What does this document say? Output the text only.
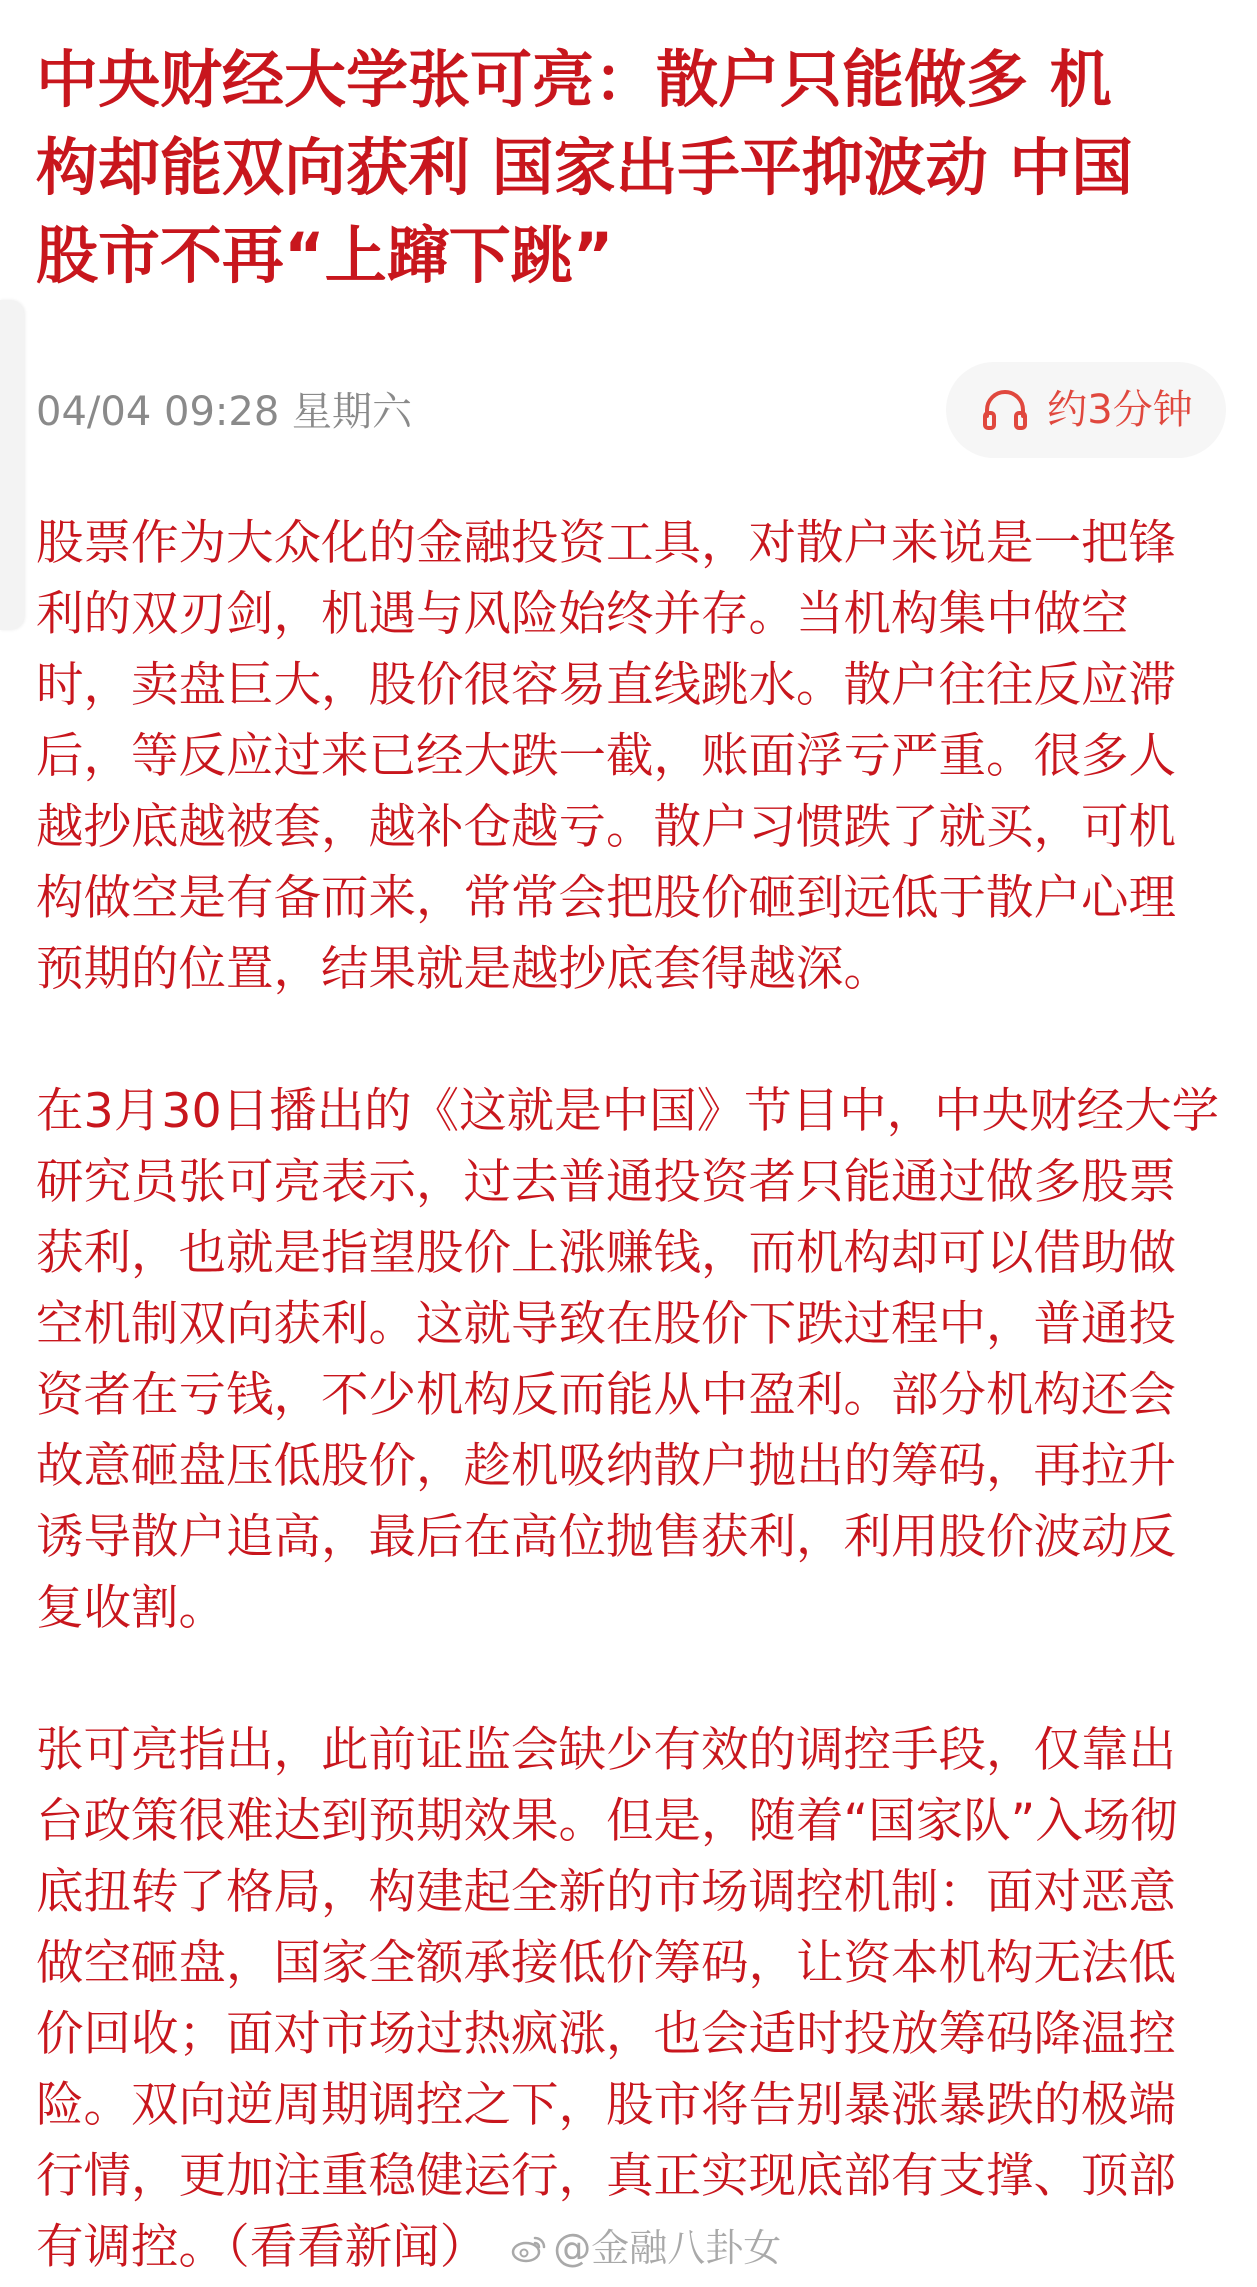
中央财经大学张可亮：散户只能做多 机
构却能双向获利 国家出手平抑波动 中国
股市不再“上蹿下跳”
04/04 09:28 星期六	约3分钟

股票作为大众化的金融投资工具，对散户来说是一把锋
利的双刃剑，机遇与风险始终并存。当机构集中做空
时，卖盘巨大，股价很容易直线跳水。散户往往反应滞
后，等反应过来已经大跌一截，账面浮亏严重。很多人
越抄底越被套，越补仓越亏。散户习惯跌了就买，可机
构做空是有备而来，常常会把股价砸到远低于散户心理
预期的位置，结果就是越抄底套得越深。

在3月30日播出的《这就是中国》节目中，中央财经大学
研究员张可亮表示，过去普通投资者只能通过做多股票
获利，也就是指望股价上涨赚钱，而机构却可以借助做
空机制双向获利。这就导致在股价下跌过程中，普通投
资者在亏钱，不少机构反而能从中盈利。部分机构还会
故意砸盘压低股价，趁机吸纳散户抛出的筹码，再拉升
诱导散户追高，最后在高位抛售获利，利用股价波动反
复收割。

张可亮指出，此前证监会缺少有效的调控手段，仅靠出
台政策很难达到预期效果。但是，随着“国家队”入场彻
底扭转了格局，构建起全新的市场调控机制：面对恶意
做空砸盘，国家全额承接低价筹码，让资本机构无法低
价回收；面对市场过热疯涨，也会适时投放筹码降温控
险。双向逆周期调控之下，股市将告别暴涨暴跌的极端
行情，更加注重稳健运行，真正实现底部有支撑、顶部
有调控。（看看新闻） @金融八卦女
